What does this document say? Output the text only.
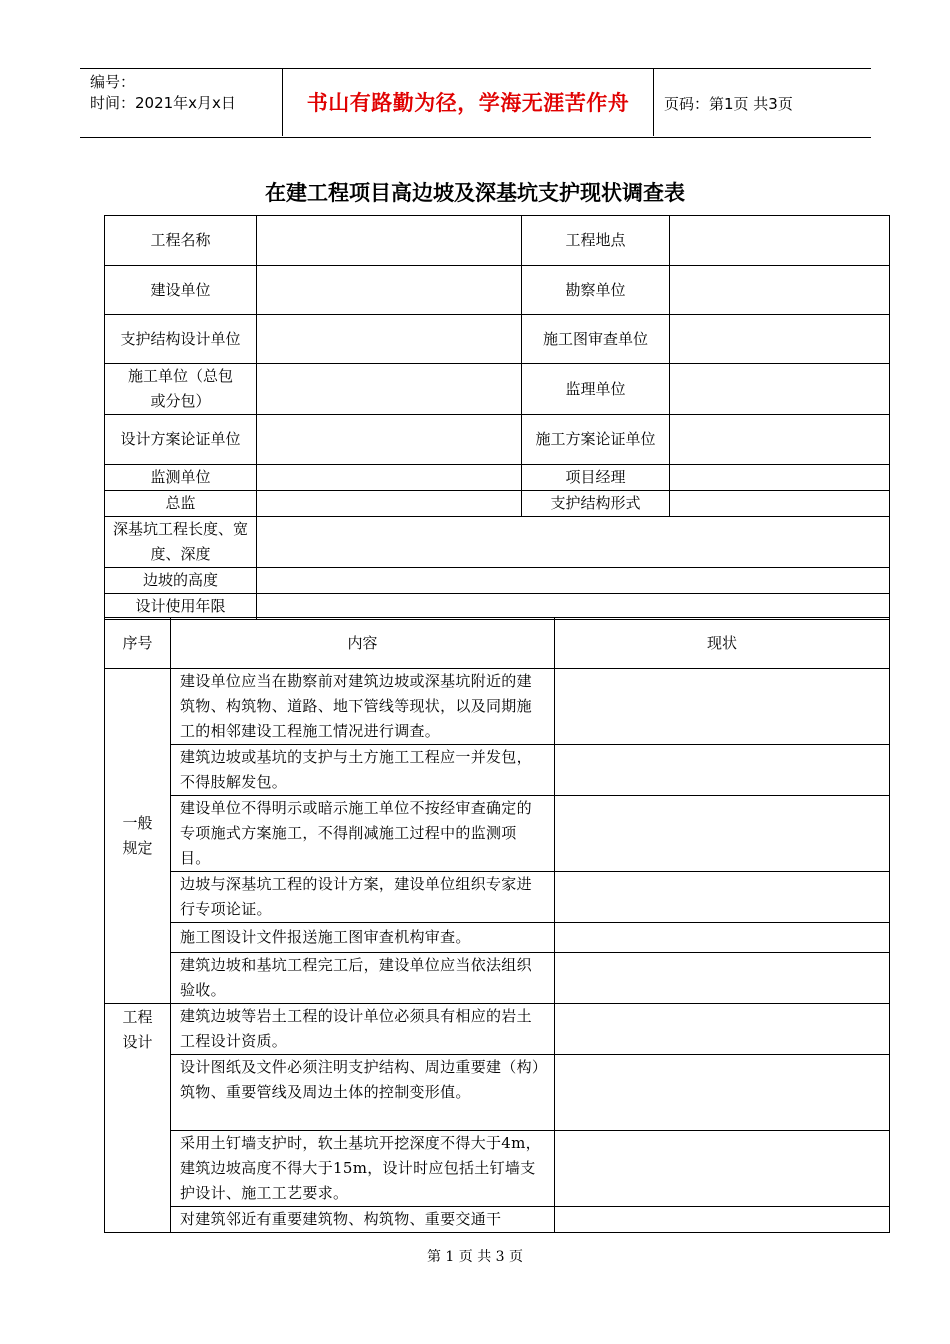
编号：
时间：2021年x月x日	书山有路勤为径，学海无涯苦作舟	页码：第1页 共3页
在建工程项目高边坡及深基坑支护现状调查表
工程名称		工程地点	
建设单位		勘察单位	
支护结构设计单位		施工图审查单位	
施工单位（总包或分包）		监理单位	
设计方案论证单位		施工方案论证单位	
监测单位		项目经理	
总监		支护结构形式	
深基坑工程长度、宽度、深度			
边坡的高度			
设计使用年限			
序号	内容	现状
一般规定	建设单位应当在勘察前对建筑边坡或深基坑附近的建筑物、构筑物、道路、地下管线等现状，以及同期施工的相邻建设工程施工情况进行调查。	
	建筑边坡或基坑的支护与土方施工工程应一并发包，不得肢解发包。	
	建设单位不得明示或暗示施工单位不按经审查确定的专项施式方案施工，不得削减施工过程中的监测项目。	
	边坡与深基坑工程的设计方案，建设单位组织专家进行专项论证。	
	施工图设计文件报送施工图审查机构审查。	
	建筑边坡和基坑工程完工后，建设单位应当依法组织验收。	
工程设计	建筑边坡等岩土工程的设计单位必须具有相应的岩土工程设计资质。	
	设计图纸及文件必须注明支护结构、周边重要建（构）筑物、重要管线及周边土体的控制变形值。	
	采用土钉墙支护时，软土基坑开挖深度不得大于4m，建筑边坡高度不得大于15m，设计时应包括土钉墙支护设计、施工工艺要求。	
	对建筑邻近有重要建筑物、构筑物、重要交通干	
第 1 页 共 3 页
